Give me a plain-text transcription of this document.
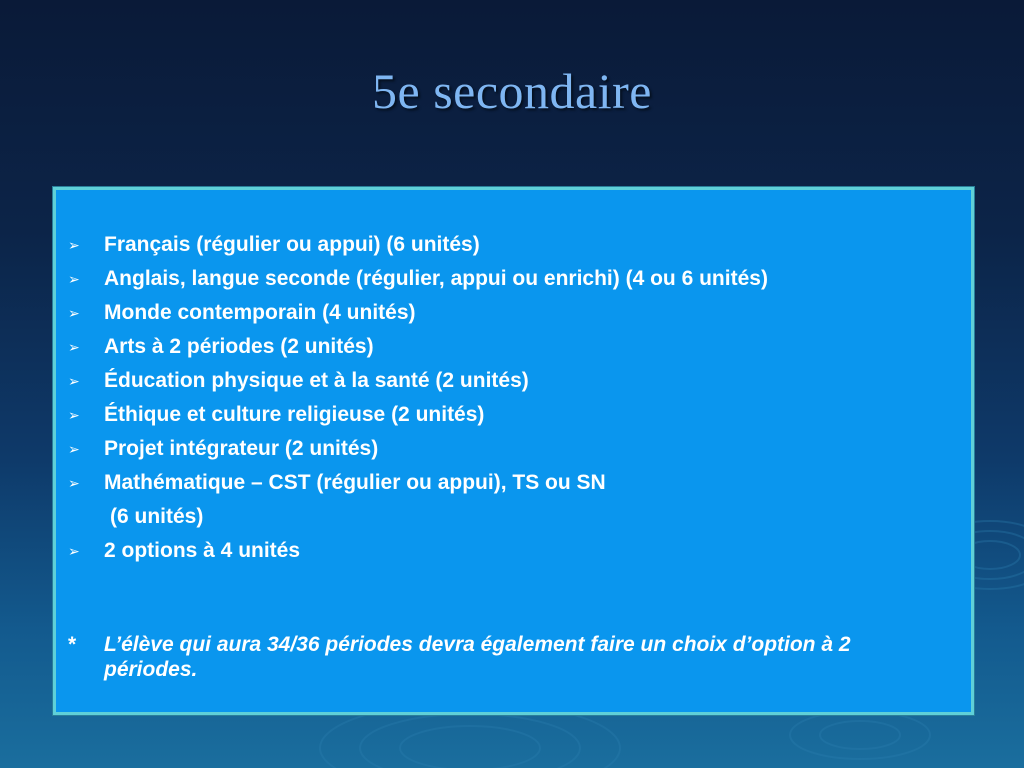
5e secondaire
➢ Français (régulier ou appui) (6 unités)
➢ Anglais, langue seconde (régulier, appui ou enrichi) (4 ou 6 unités)
➢ Monde contemporain (4 unités)
➢ Arts à 2 périodes (2 unités)
➢ Éducation physique et à la santé (2 unités)
➢ Éthique et culture religieuse (2 unités)
➢ Projet intégrateur (2 unités)
➢ Mathématique – CST (régulier ou appui), TS ou SN
(6 unités)
➢ 2 options à 4 unités
*	L’élève qui aura 34/36 périodes devra également faire un choix d’option à 2 périodes.
